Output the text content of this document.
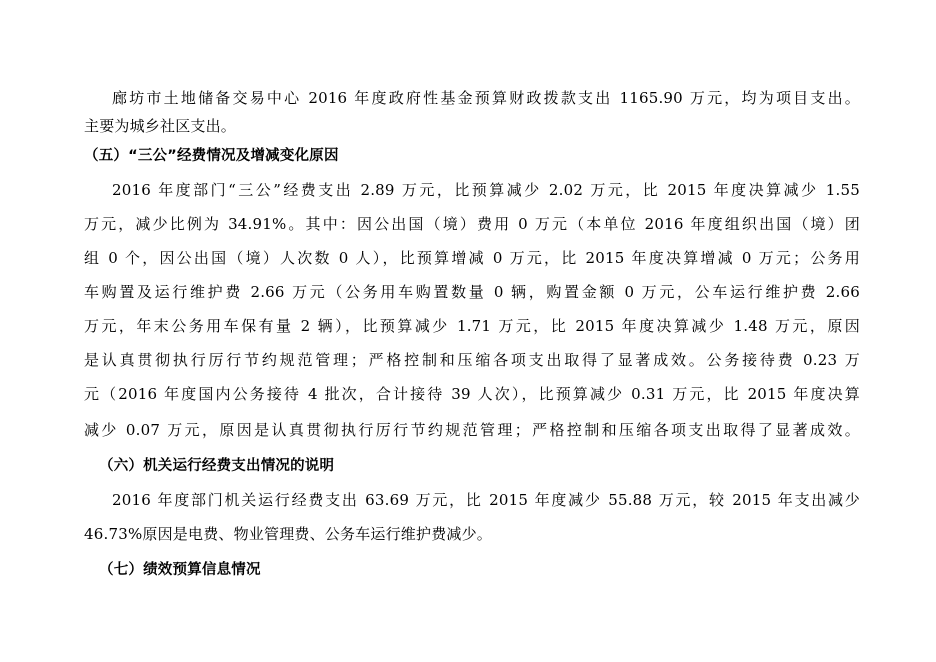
廊坊市土地储备交易中心 2016 年度政府性基金预算财政拨款支出 1165.90 万元，均为项目支出。
主要为城乡社区支出。
（五）“三公”经费情况及增减变化原因
2016 年度部门“三公”经费支出 2.89 万元，比预算减少 2.02 万元，比 2015 年度决算减少 1.55
万元，减少比例为 34.91%。其中：因公出国（境）费用 0 万元（本单位 2016 年度组织出国（境）团
组 0 个，因公出国（境）人次数 0 人），比预算增减 0 万元，比 2015 年度决算增减 0 万元；公务用
车购置及运行维护费 2.66 万元（公务用车购置数量 0 辆，购置金额 0 万元，公车运行维护费 2.66
万元，年末公务用车保有量 2 辆），比预算减少 1.71 万元，比 2015 年度决算减少 1.48 万元，原因
是认真贯彻执行厉行节约规范管理；严格控制和压缩各项支出取得了显著成效。公务接待费 0.23 万
元（2016 年度国内公务接待 4 批次，合计接待 39 人次），比预算减少 0.31 万元，比 2015 年度决算
减少 0.07 万元，原因是认真贯彻执行厉行节约规范管理；严格控制和压缩各项支出取得了显著成效。
（六）机关运行经费支出情况的说明
2016 年度部门机关运行经费支出 63.69 万元，比 2015 年度减少 55.88 万元，较 2015 年支出减少
46.73%原因是电费、物业管理费、公务车运行维护费减少。
（七）绩效预算信息情况
